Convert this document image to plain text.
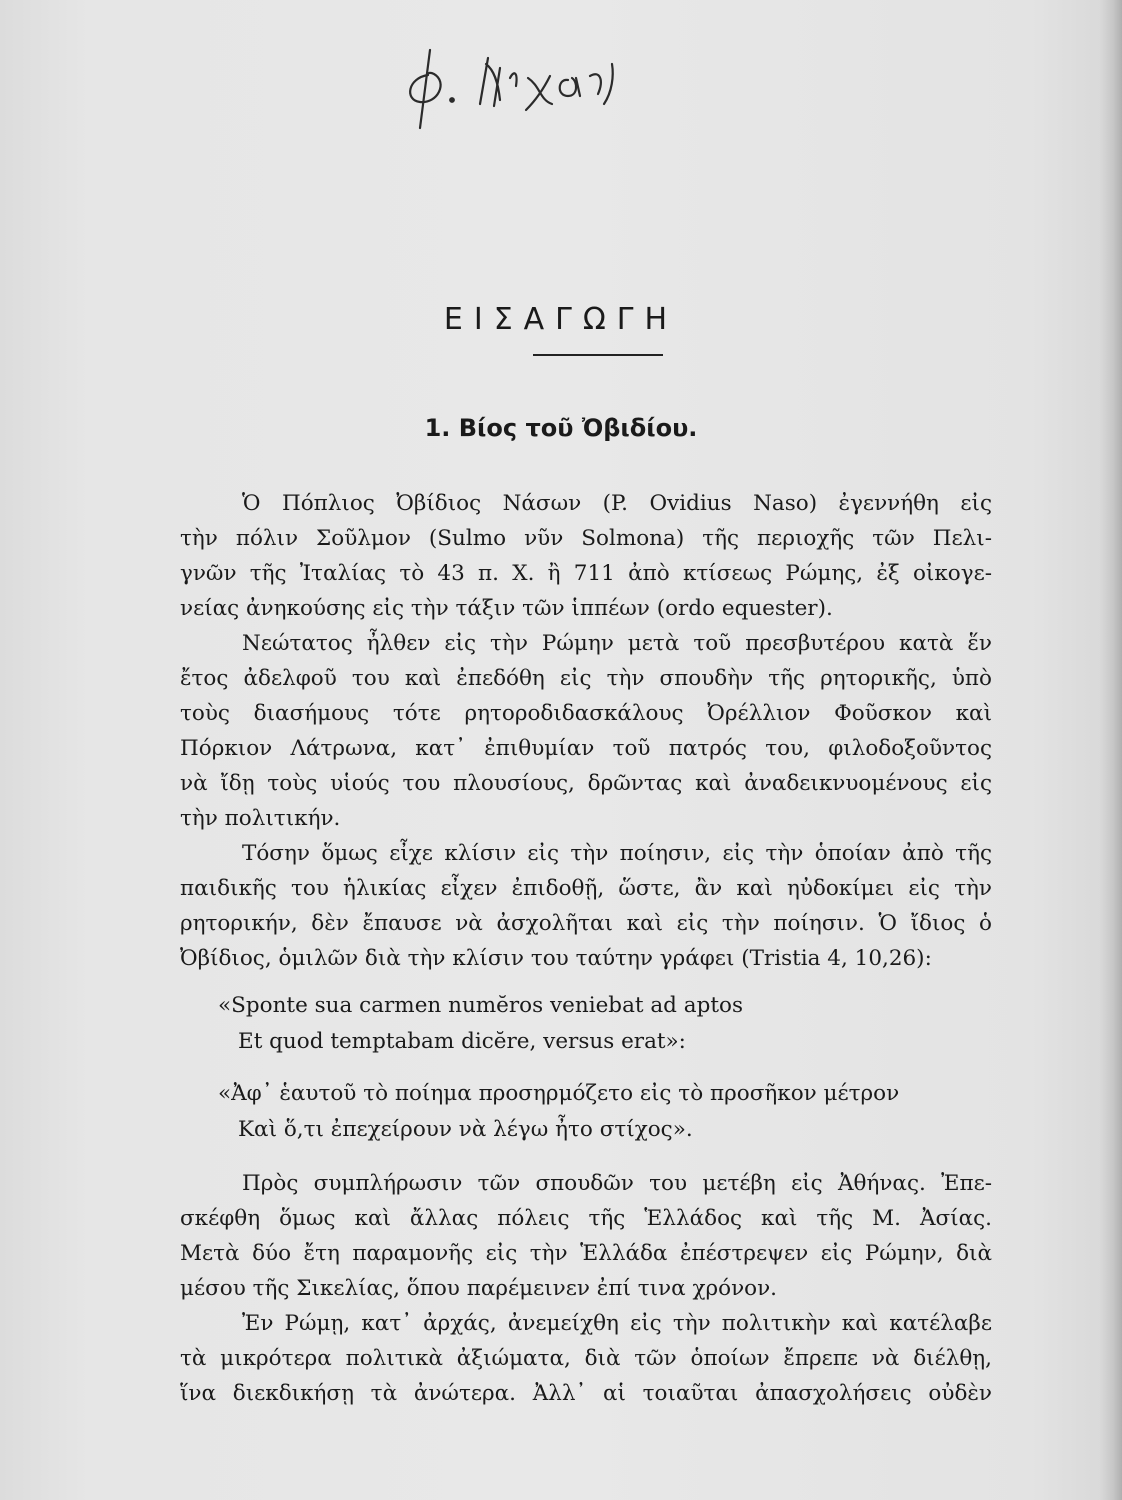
ΕΙΣΑΓΩΓΗ
1. Βίος τοῦ Ὀβιδίου.
Ὁ Πόπλιος Ὀβίδιος Νάσων (P. Ovidius Naso) ἐγεννήθη εἰς
τὴν πόλιν Σοῦλμον (Sulmo νῦν Solmona) τῆς περιοχῆς τῶν Πελι-
γνῶν τῆς Ἰταλίας τὸ 43 π. Χ. ἢ 711 ἀπὸ κτίσεως Ρώμης, ἐξ οἰκογε-
νείας ἀνηκούσης εἰς τὴν τάξιν τῶν ἱππέων (ordo equester).
Νεώτατος ἦλθεν εἰς τὴν Ρώμην μετὰ τοῦ πρεσβυτέρου κατὰ ἕν
ἔτος ἀδελφοῦ του καὶ ἐπεδόθη εἰς τὴν σπουδὴν τῆς ρητορικῆς, ὑπὸ
τοὺς διασήμους τότε ρητοροδιδασκάλους Ὀρέλλιον Φοῦσκον καὶ
Πόρκιον Λάτρωνα, κατ᾽ ἐπιθυμίαν τοῦ πατρός του, φιλοδοξοῦντος
νὰ ἴδῃ τοὺς υἱούς του πλουσίους, δρῶντας καὶ ἀναδεικνυομένους εἰς
τὴν πολιτικήν.
Τόσην ὅμως εἶχε κλίσιν εἰς τὴν ποίησιν, εἰς τὴν ὁποίαν ἀπὸ τῆς
παιδικῆς του ἡλικίας εἶχεν ἐπιδοθῇ, ὥστε, ἂν καὶ ηὐδοκίμει εἰς τὴν
ρητορικήν, δὲν ἔπαυσε νὰ ἀσχολῆται καὶ εἰς τὴν ποίησιν. Ὁ ἴδιος ὁ
Ὀβίδιος, ὁμιλῶν διὰ τὴν κλίσιν του ταύτην γράφει (Tristia 4, 10,26):
«Sponte sua carmen numĕros veniebat ad aptos
Et quod temptabam dicĕre, versus erat»:
«Ἀφ᾽ ἑαυτοῦ τὸ ποίημα προσηρμόζετο εἰς τὸ προσῆκον μέτρον
Καὶ ὅ,τι ἐπεχείρουν νὰ λέγω ἦτο στίχος».
Πρὸς συμπλήρωσιν τῶν σπουδῶν του μετέβη εἰς Ἀθήνας. Ἐπε-
σκέφθη ὅμως καὶ ἄλλας πόλεις τῆς Ἑλλάδος καὶ τῆς Μ. Ἀσίας.
Μετὰ δύο ἔτη παραμονῆς εἰς τὴν Ἑλλάδα ἐπέστρεψεν εἰς Ρώμην, διὰ
μέσου τῆς Σικελίας, ὅπου παρέμεινεν ἐπί τινα χρόνον.
Ἐν Ρώμῃ, κατ᾽ ἀρχάς, ἀνεμείχθη εἰς τὴν πολιτικὴν καὶ κατέλαβε
τὰ μικρότερα πολιτικὰ ἀξιώματα, διὰ τῶν ὁποίων ἔπρεπε νὰ διέλθῃ,
ἵνα διεκδικήσῃ τὰ ἀνώτερα. Ἀλλ᾽ αἱ τοιαῦται ἀπασχολήσεις οὐδὲν
